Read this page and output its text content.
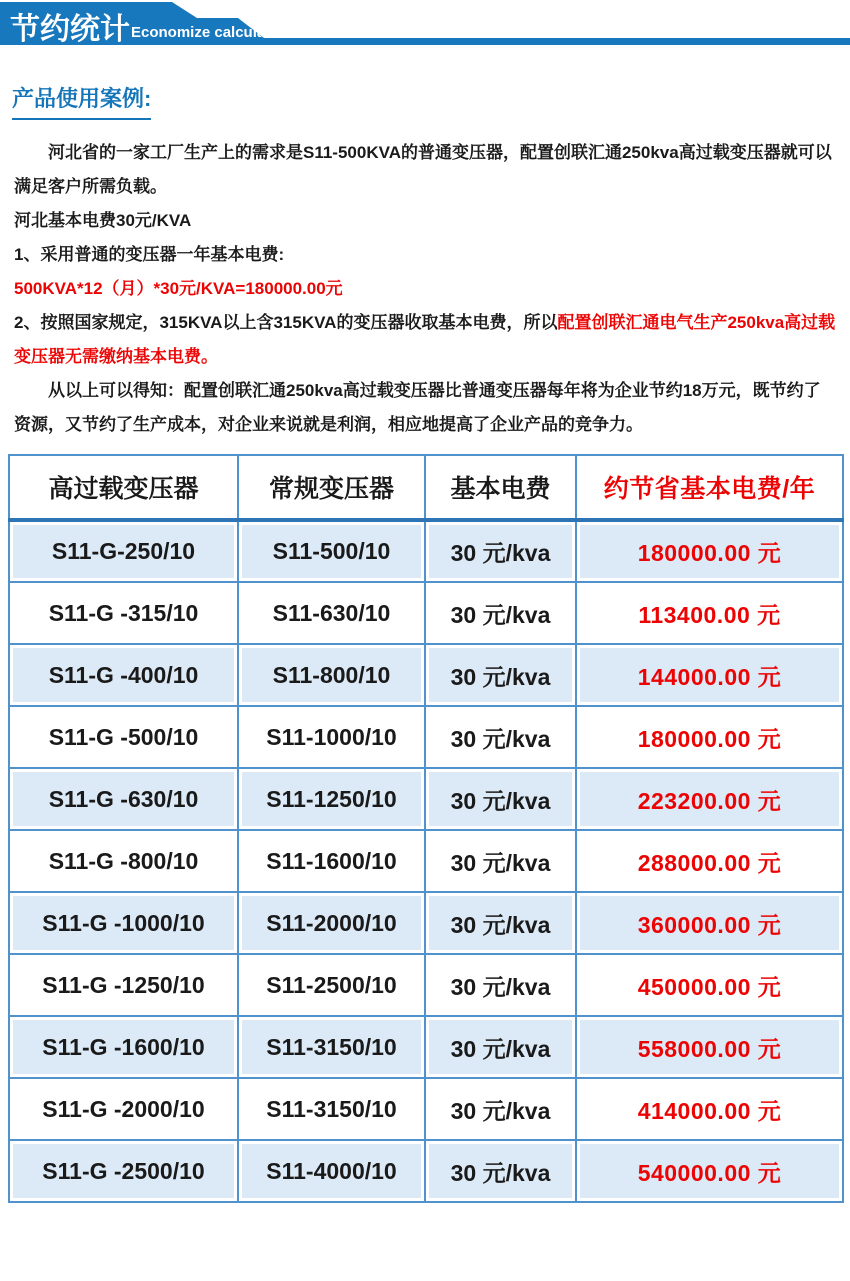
节约统计 Economize calculation
产品使用案例:

河北省的一家工厂生产上的需求是S11-500KVA的普通变压器，配置创联汇通250kva高过载变压器就可以满足客户所需负载。

河北基本电费30元/KVA

1、采用普通的变压器一年基本电费:

500KVA*12（月）*30元/KVA=180000.00元

2、按照国家规定，315KVA以上含315KVA的变压器收取基本电费，所以配置创联汇通电气生产250kva高过载变压器无需缴纳基本电费。

从以上可以得知：配置创联汇通250kva高过载变压器比普通变压器每年将为企业节约18万元，既节约了资源，又节约了生产成本，对企业来说就是利润，相应地提高了企业产品的竞争力。

高过载变压器	常规变压器	基本电费	约节省基本电费/年
S11-G-250/10	S11-500/10	30 元/kva	180000.00 元
S11-G -315/10	S11-630/10	30 元/kva	113400.00 元
S11-G -400/10	S11-800/10	30 元/kva	144000.00 元
S11-G -500/10	S11-1000/10	30 元/kva	180000.00 元
S11-G -630/10	S11-1250/10	30 元/kva	223200.00 元
S11-G -800/10	S11-1600/10	30 元/kva	288000.00 元
S11-G -1000/10	S11-2000/10	30 元/kva	360000.00 元
S11-G -1250/10	S11-2500/10	30 元/kva	450000.00 元
S11-G -1600/10	S11-3150/10	30 元/kva	558000.00 元
S11-G -2000/10	S11-3150/10	30 元/kva	414000.00 元
S11-G -2500/10	S11-4000/10	30 元/kva	540000.00 元
